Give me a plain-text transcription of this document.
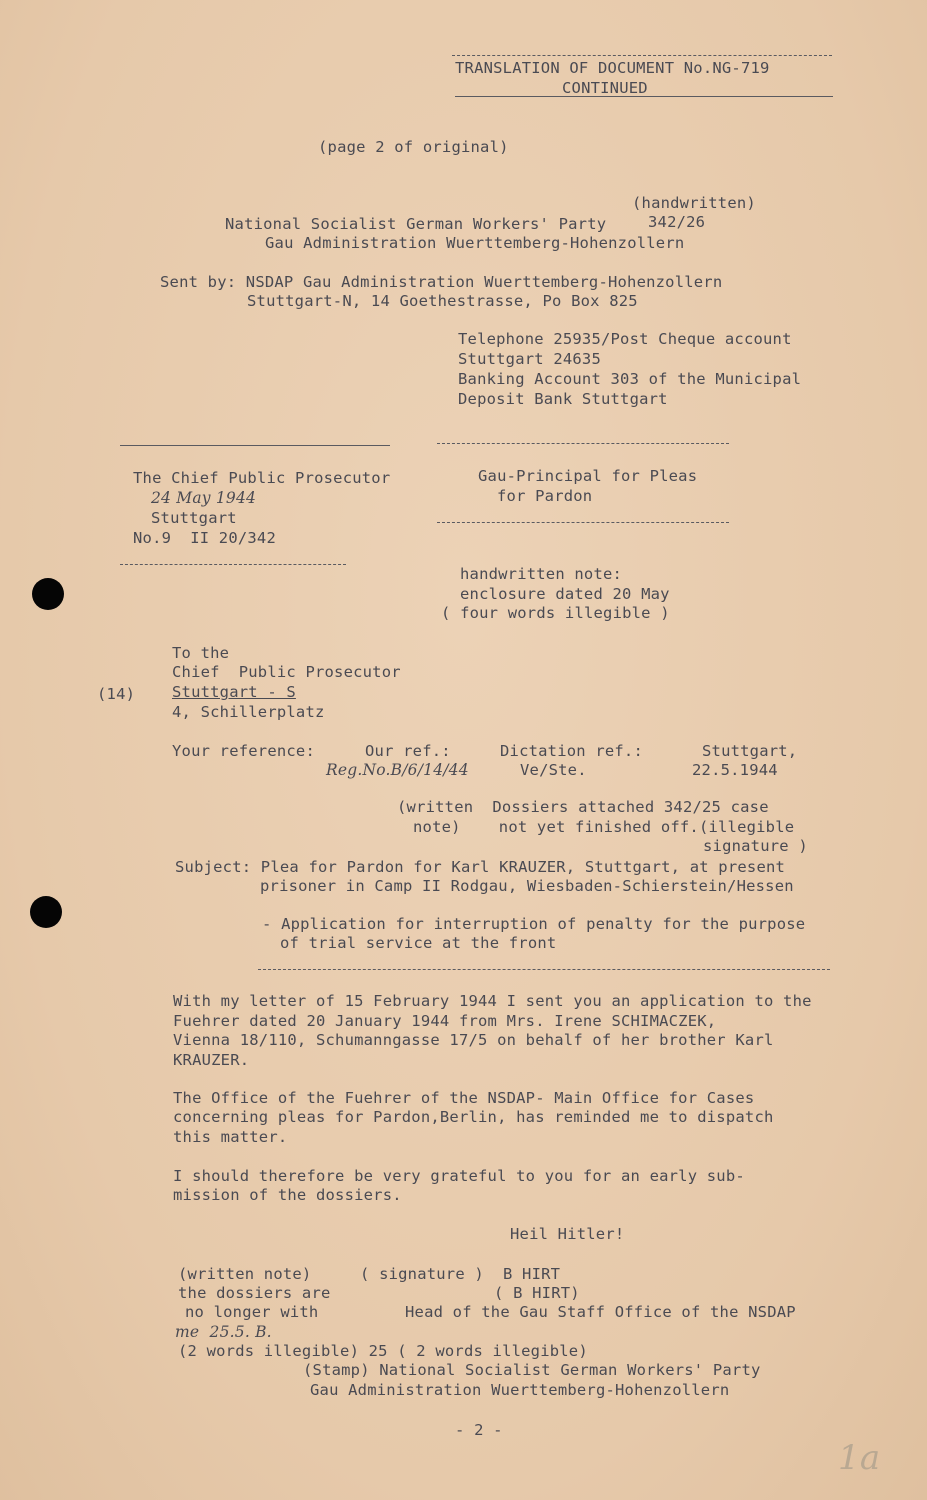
TRANSLATION OF DOCUMENT No.NG-719
CONTINUED
(page 2 of original)
(handwritten)
342/26
National Socialist German Workers' Party
Gau Administration Wuerttemberg-Hohenzollern
Sent by: NSDAP Gau Administration Wuerttemberg-Hohenzollern
Stuttgart-N, 14 Goethestrasse, Po Box 825
Telephone 25935/Post Cheque account
Stuttgart 24635
Banking Account 303 of the Municipal
Deposit Bank Stuttgart
The Chief Public Prosecutor
24 May 1944
Stuttgart
No.9  II 20/342
Gau-Principal for Pleas
for Pardon
handwritten note:
enclosure dated 20 May
( four words illegible )
To the
Chief  Public Prosecutor
Stuttgart - S
4, Schillerplatz
(14)
Your reference:	Our ref.:
Reg.No.B/6/14/44
Dictation ref.:
Ve/Ste.
Stuttgart,
22.5.1944
(written  Dossiers attached 342/25 case
note)    not yet finished off.(illegible
signature )
Subject: Plea for Pardon for Karl KRAUZER, Stuttgart, at present
prisoner in Camp II Rodgau, Wiesbaden-Schierstein/Hessen
- Application for interruption of penalty for the purpose
of trial service at the front
With my letter of 15 February 1944 I sent you an application to the
Fuehrer dated 20 January 1944 from Mrs. Irene SCHIMACZEK,
Vienna 18/110, Schumanngasse 17/5 on behalf of her brother Karl
KRAUZER.
The Office of the Fuehrer of the NSDAP- Main Office for Cases
concerning pleas for Pardon,Berlin, has reminded me to dispatch
this matter.
I should therefore be very grateful to you for an early sub-
mission of the dossiers.
Heil Hitler!
(written note)
the dossiers are
no longer with
me  25.5. B.
( signature )  B HIRT
( B HIRT)
Head of the Gau Staff Office of the NSDAP
(2 words illegible) 25 ( 2 words illegible)
(Stamp) National Socialist German Workers' Party
Gau Administration Wuerttemberg-Hohenzollern
- 2 -
1a
